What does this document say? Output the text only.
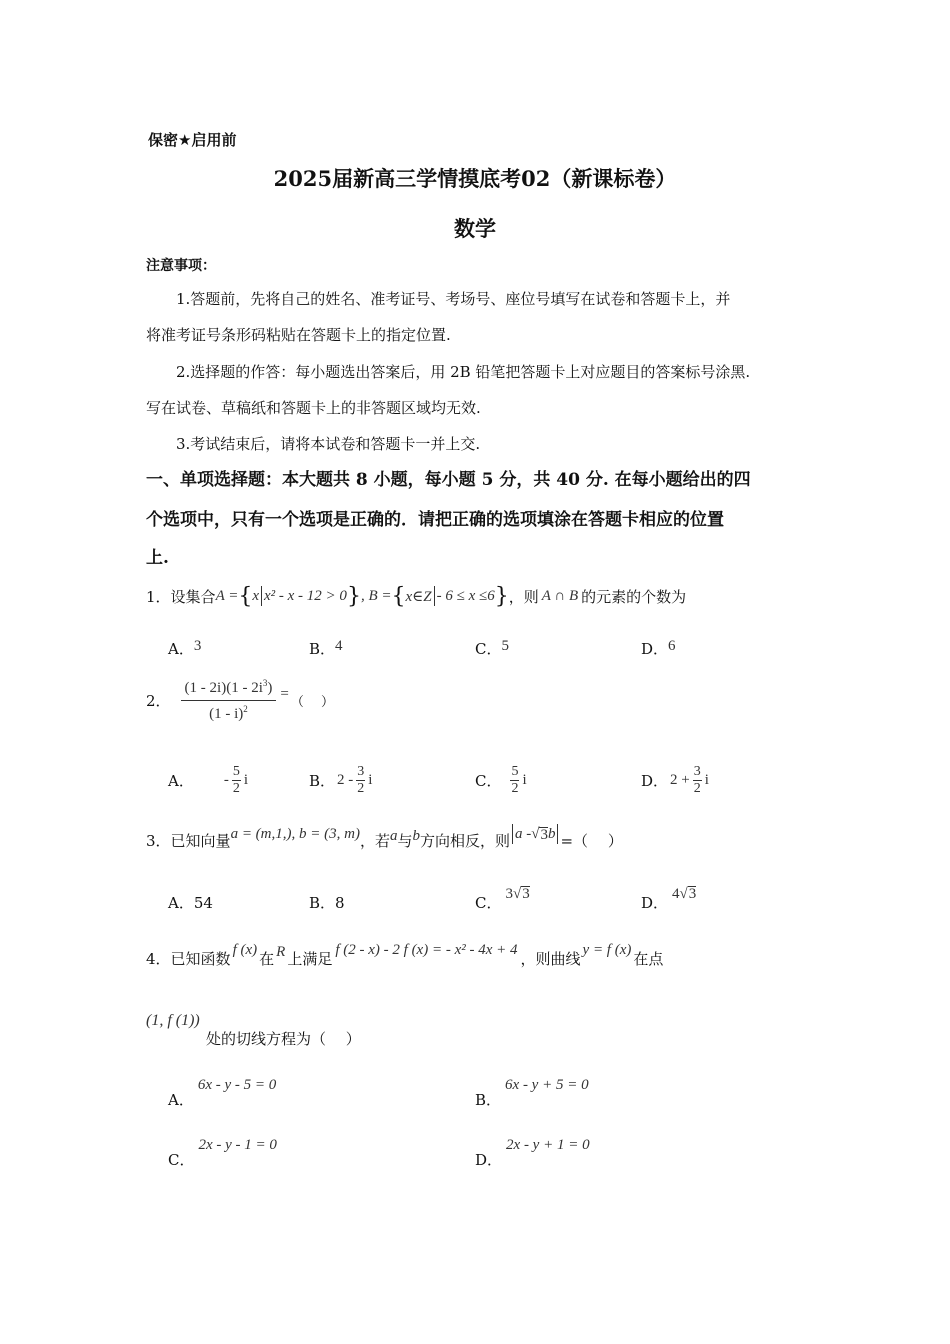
保密★启用前
2025届新高三学情摸底考02（新课标卷）
数学
注意事项：
1.答题前，先将自己的姓名、准考证号、考场号、座位号填写在试卷和答题卡上，并
将准考证号条形码粘贴在答题卡上的指定位置.
2.选择题的作答：每小题选出答案后，用 2B 铅笔把答题卡上对应题目的答案标号涂黑.
写在试卷、草稿纸和答题卡上的非答题区域均无效.
3.考试结束后，请将本试卷和答题卡一并上交.
一、单项选择题：本大题共 8 小题，每小题 5 分，共 40 分. 在每小题给出的四
个选项中，只有一个选项是正确的．请把正确的选项填涂在答题卡相应的位置
上.
1． 设集合 A = { x x² - x - 12 > 0 } , B = { x∈Z - 6 ≤ x ≤6 } ，则 A ∩ B 的元素的个数为
A．3	B．4	C．5	D．6
2． $\frac{(1 - 2i)(1 - 2i^3)}{(1 - i)^2}$ =
（　 ）
A． - $\frac{5}{2}$ i	B． $2 - \frac{3}{2}$ i	C． $\frac{5}{2}$ i	D． $2 + \frac{3}{2}$ i
3． 已知向量 a = (m,1,), b = (3, m) ，若 a 与 b 方向相反，则 a - √ 3 b =（　 ）
A．54	B．8	C． 3√3	D． 4√3
4． 已知函数 f (x) 在 R 上满足 f (2 - x) - 2 f (x) = - x² - 4x + 4 ，则曲线 y = f (x) 在点
(1, f (1))
处的切线方程为（　 ）
A．6x - y - 5 = 0
B．6x - y + 5 = 0
C．2x - y - 1 = 0
D．2x - y + 1 = 0
